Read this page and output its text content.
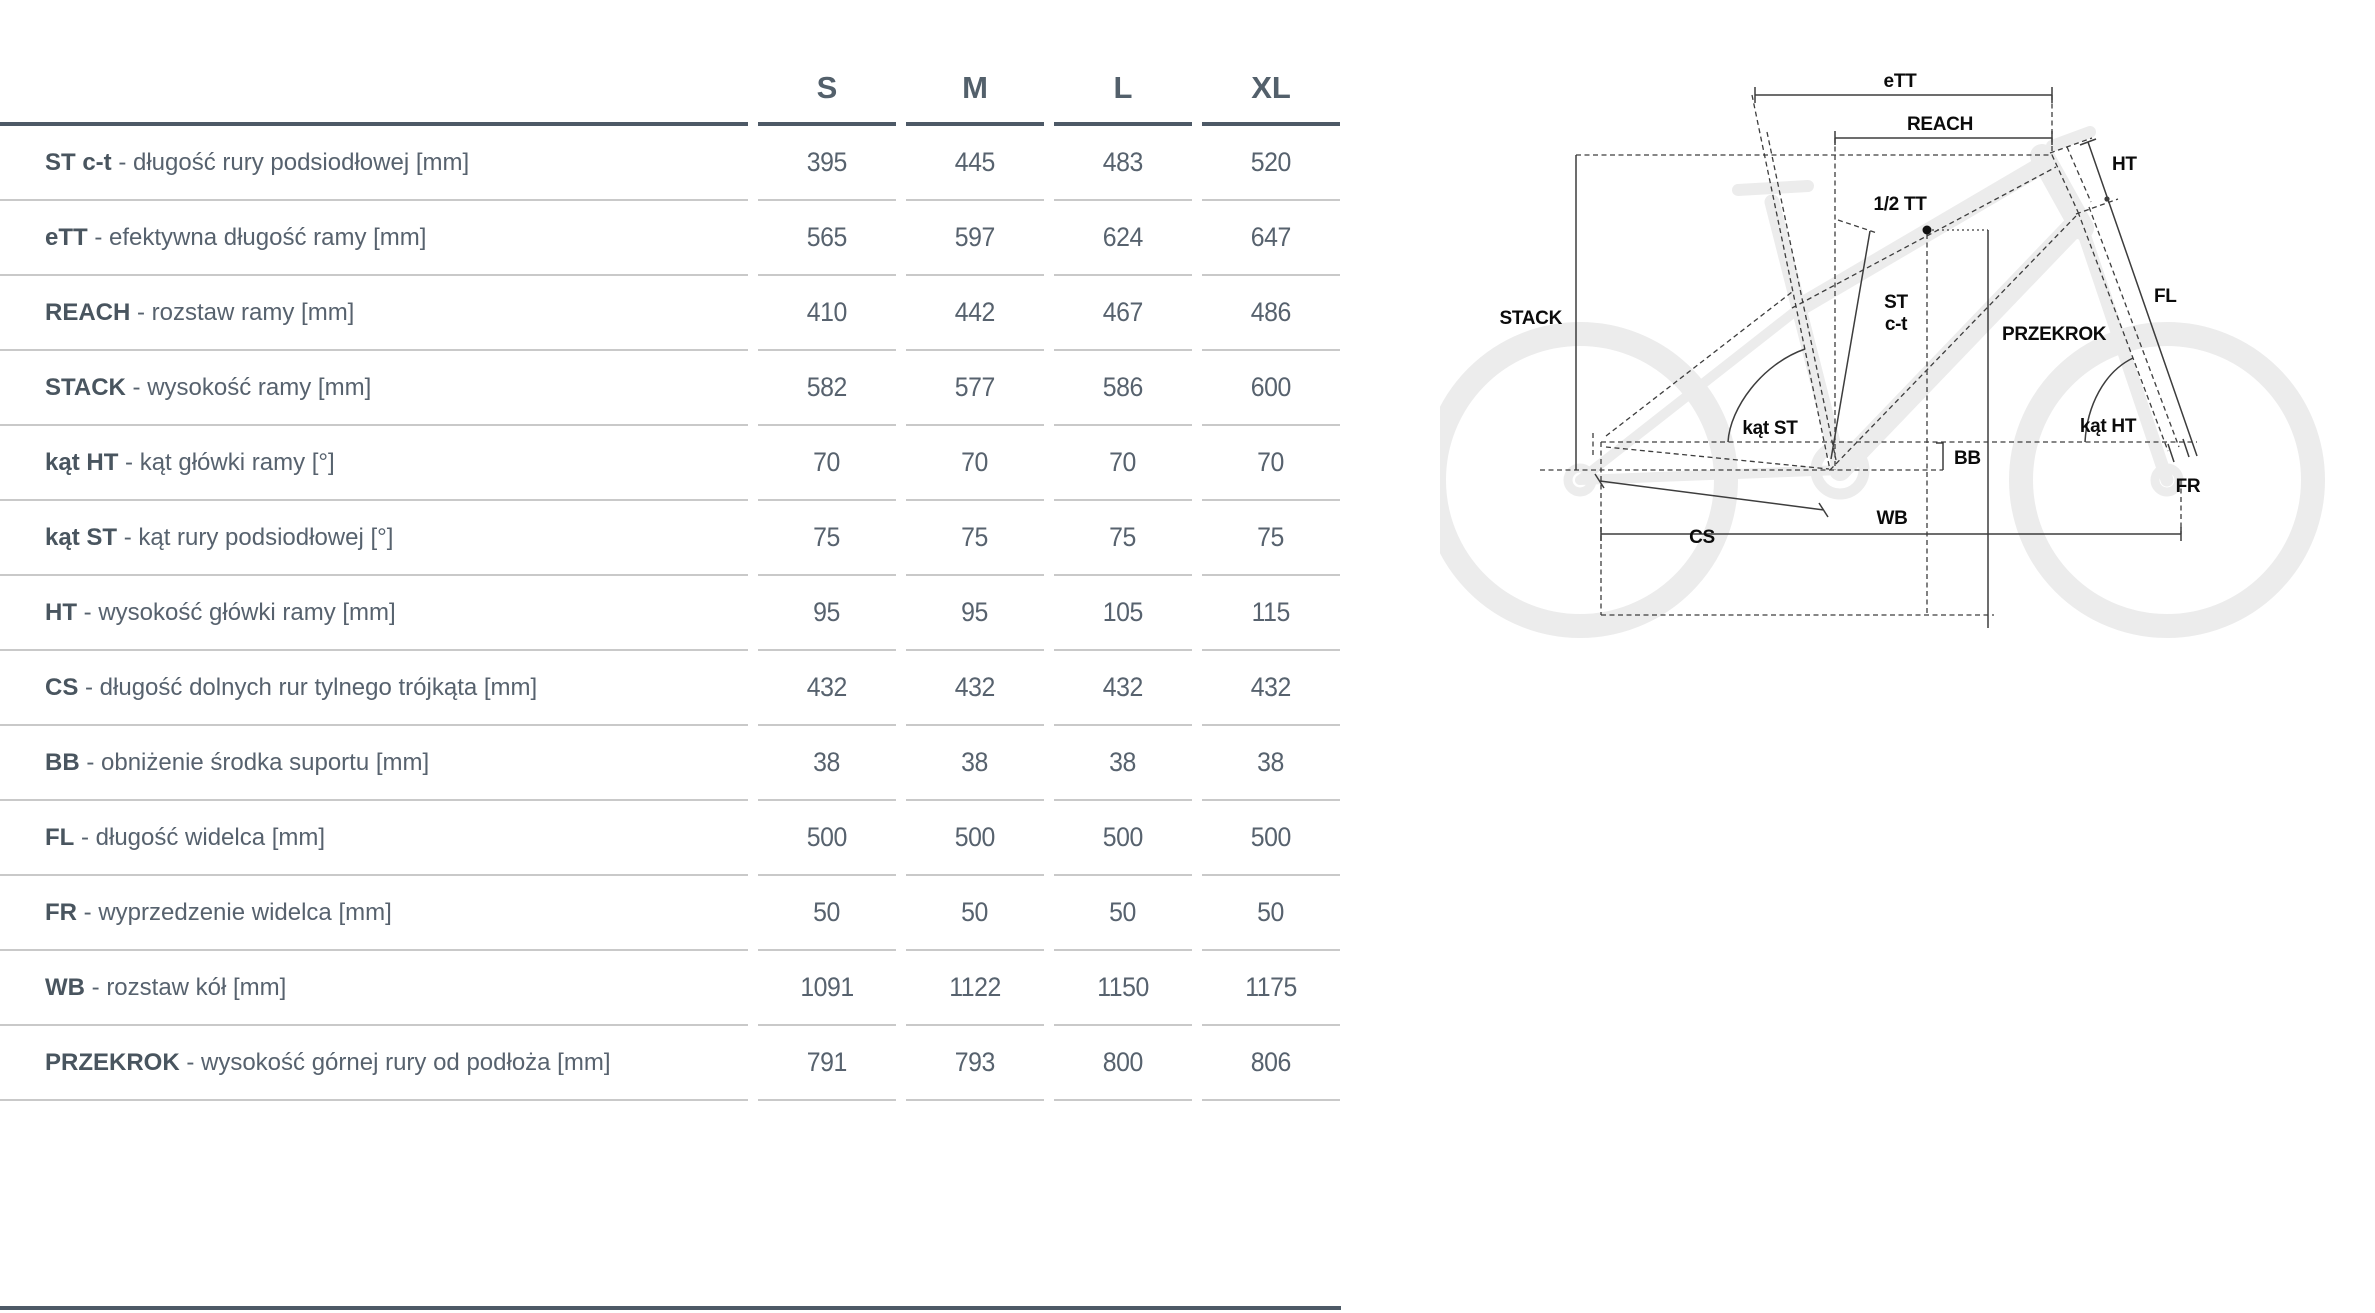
S	M	L	XL
ST c-t - długość rury podsiodłowej [mm]	395	445	483	520
eTT - efektywna długość ramy [mm]	565	597	624	647
REACH - rozstaw ramy [mm]	410	442	467	486
STACK - wysokość ramy [mm]	582	577	586	600
kąt HT - kąt główki ramy [°]	70	70	70	70
kąt ST - kąt rury podsiodłowej [°]	75	75	75	75
HT - wysokość główki ramy [mm]	95	95	105	115
CS - długość dolnych rur tylnego trójkąta [mm]	432	432	432	432
BB - obniżenie środka suportu [mm]	38	38	38	38
FL - długość widelca [mm]	500	500	500	500
FR - wyprzedzenie widelca [mm]	50	50	50	50
WB - rozstaw kół [mm]	1091	1122	1150	1175
PRZEKROK - wysokość górnej rury od podłoża [mm]	791	793	800	806
eTT
REACH
HT
1/2 TT
STACK
ST
c-t	PRZEKROK
FL
kąt ST	kąt HT
BB
FR
CS
WB
